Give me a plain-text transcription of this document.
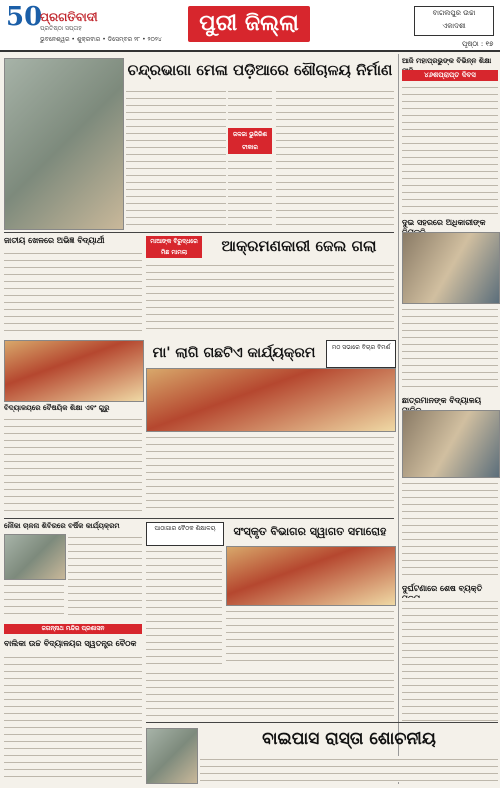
50
ପ୍ରଗତିବାଦୀ
ପ୍ରତିଷ୍ଠା ସପ୍ତାହ
ଭୁବନେଶ୍ୱର • ଶୁକ୍ରବାର • ଡିସେମ୍ବର ୨୮ • ୨୦୨୪
ପୁରୀ ଜିଲ୍ଲା	ବାଗଲପୁର ଉଚ୍ଚା
ଏକାଦଶୀ
ପୃଷ୍ଠା : ୧୭
ଚନ୍ଦ୍ରଭାଗା ମେଳା ପଡ଼ିଆରେ ଶୌଚାଳୟ ନିର୍ମାଣ
ଜଳଜା ଭୁଜିରିଶ
ଟୀକାର
ଆଜି ମହାପ୍ରଭୁଙ୍କ ବିଭିନ୍ନ ଶିକ୍ଷା
୪୬ଶପ୍ରାପ୍ତ ଦିବସ
ଜାତୀୟ ଖେଳରେ ଅଭିଜ୍ଞ ବିଦ୍ୟାର୍ଥୀ	ମାଆଙ୍କ ବିରୁଦ୍ଧରେ ମିଛ ମାମଲା	ଆକ୍ରମଣକାରୀ ଜେଲ ଗଲା
ଦୁଇ ସହରରେ ଅଧିକାରୀଙ୍କ
ମା' ଲାଗି ଗଛଟିଏ କାର୍ଯ୍ୟକ୍ରମ	ମଠ ସଭାରେ ବିଚାର ବିମର୍ଶ
ବିଦ୍ୟାଳୟରେ ବୈଷୟିକ ଶିକ୍ଷା ଏବଂ ଗୁରୁ
ଛାତ୍ରମାନଙ୍କ ବିଦ୍ୟାଳୟ
ନୌକା ଚାଳନା ଶିବିରରେ ବର୍ଷିକ କାର୍ଯ୍ୟକ୍ରମ	ପାଠାଗାର ବୈଠକ ଶିକ୍ଷାଳୟ	ସଂସ୍କୃତ ବିଭାଗର ସ୍ୱାଗତ ସମାରୋହ
ଦୁର୍ଘଟଣାରେ ଶେଷ ବ୍ୟକ୍ତି
ଜଗନ୍ନାଥ ମନ୍ଦିର ପ୍ରଶାସନ
ବାଲିକା ଉଚ୍ଚ ବିଦ୍ୟାଳୟର ସ୍ୱତନ୍ତ୍ର ବୈଠକ
ବାଇପାସ ରାସ୍ତା ଶୋଚନୀୟ
